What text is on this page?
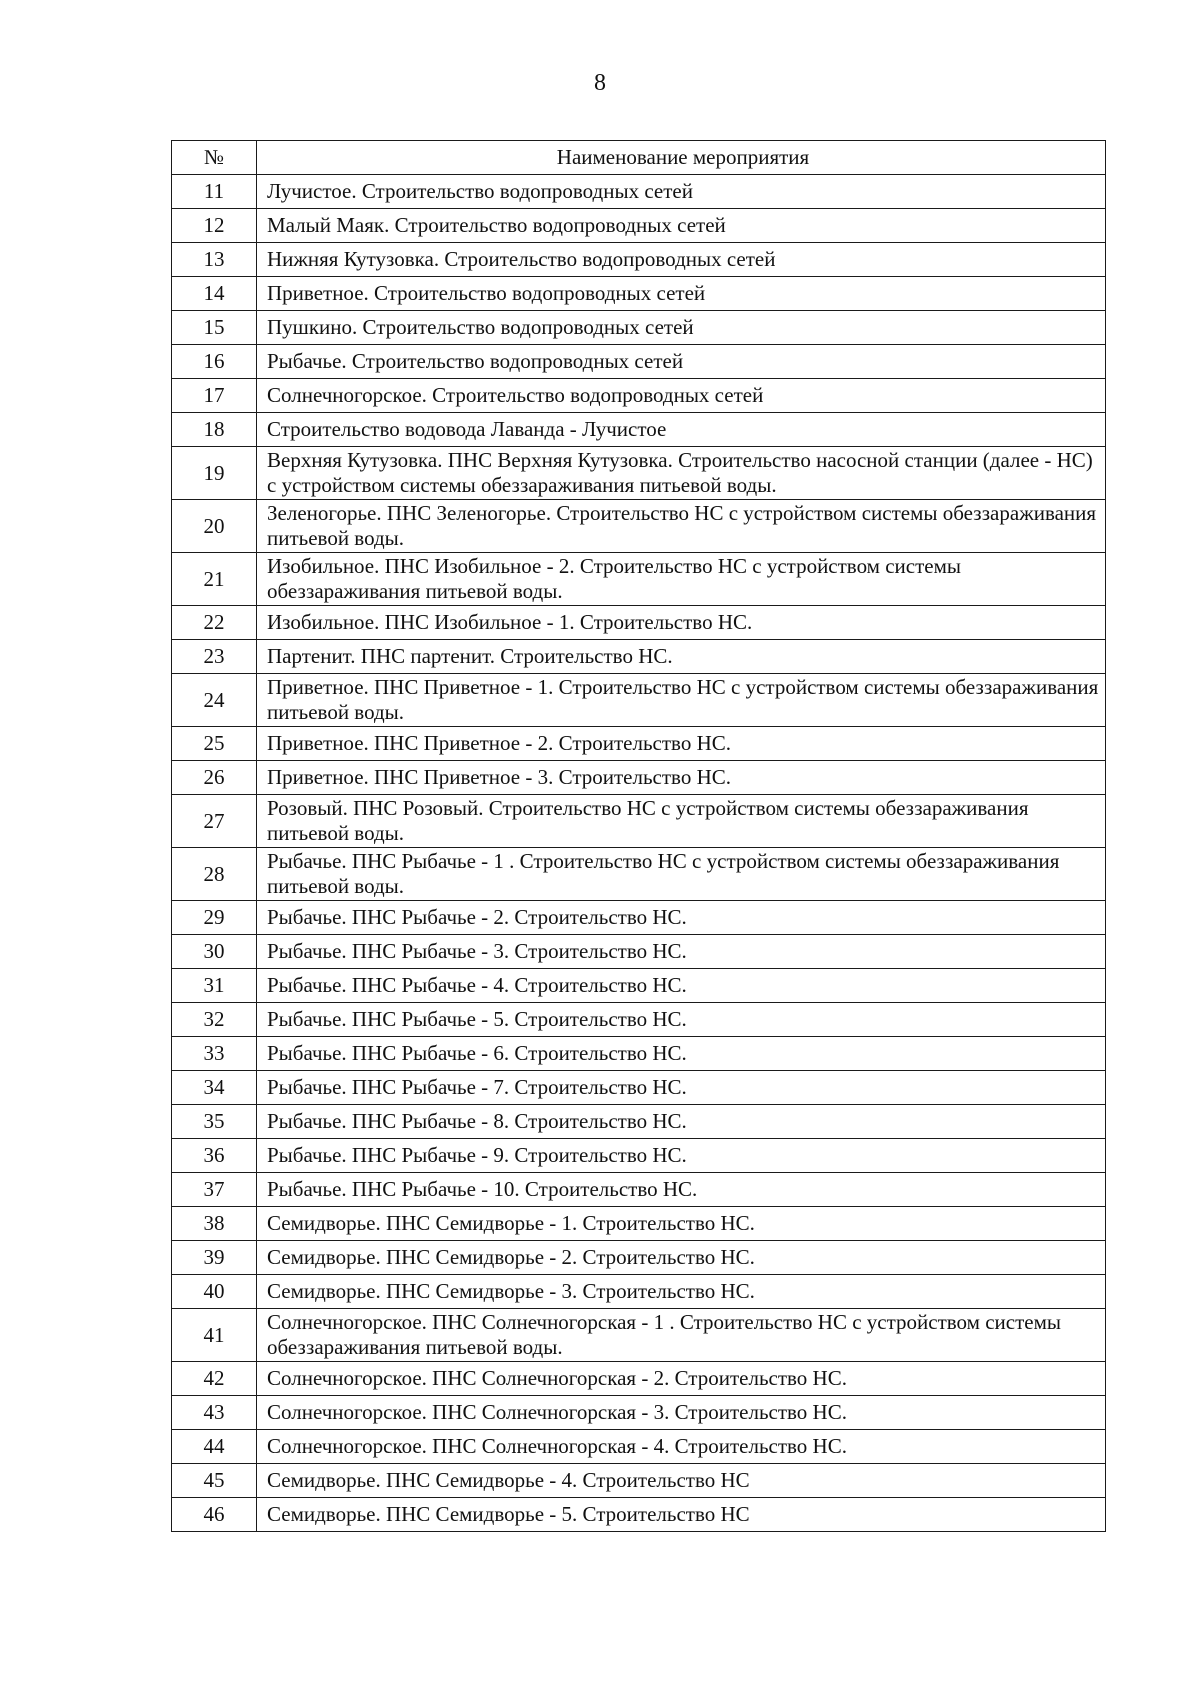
8
№	Наименование мероприятия
11	Лучистое. Строительство водопроводных сетей
12	Малый Маяк. Строительство водопроводных сетей
13	Нижняя Кутузовка. Строительство водопроводных сетей
14	Приветное. Строительство водопроводных сетей
15	Пушкино. Строительство водопроводных сетей
16	Рыбачье. Строительство водопроводных сетей
17	Солнечногорское. Строительство водопроводных сетей
18	Строительство водовода Лаванда - Лучистое
19	Верхняя Кутузовка. ПНС Верхняя Кутузовка. Строительство насосной станции (далее - НС) с устройством системы обеззараживания питьевой воды.
20	Зеленогорье. ПНС Зеленогорье. Строительство НС с устройством системы обеззараживания питьевой воды.
21	Изобильное. ПНС Изобильное - 2. Строительство НС с устройством системы обеззараживания питьевой воды.
22	Изобильное. ПНС Изобильное - 1. Строительство НС.
23	Партенит. ПНС партенит. Строительство НС.
24	Приветное. ПНС Приветное - 1. Строительство НС с устройством системы обеззараживания питьевой воды.
25	Приветное. ПНС Приветное - 2. Строительство НС.
26	Приветное. ПНС Приветное - 3. Строительство НС.
27	Розовый. ПНС Розовый. Строительство НС с устройством системы обеззараживания питьевой воды.
28	Рыбачье. ПНС Рыбачье - 1 . Строительство НС с устройством системы обеззараживания питьевой воды.
29	Рыбачье. ПНС Рыбачье - 2. Строительство НС.
30	Рыбачье. ПНС Рыбачье - 3. Строительство НС.
31	Рыбачье. ПНС Рыбачье - 4. Строительство НС.
32	Рыбачье. ПНС Рыбачье - 5. Строительство НС.
33	Рыбачье. ПНС Рыбачье - 6. Строительство НС.
34	Рыбачье. ПНС Рыбачье - 7. Строительство НС.
35	Рыбачье. ПНС Рыбачье - 8. Строительство НС.
36	Рыбачье. ПНС Рыбачье - 9. Строительство НС.
37	Рыбачье. ПНС Рыбачье - 10. Строительство НС.
38	Семидворье. ПНС Семидворье - 1. Строительство НС.
39	Семидворье. ПНС Семидворье - 2. Строительство НС.
40	Семидворье. ПНС Семидворье - 3. Строительство НС.
41	Солнечногорское. ПНС Солнечногорская - 1 . Строительство НС с устройством системы обеззараживания питьевой воды.
42	Солнечногорское. ПНС Солнечногорская - 2. Строительство НС.
43	Солнечногорское. ПНС Солнечногорская - 3. Строительство НС.
44	Солнечногорское. ПНС Солнечногорская - 4. Строительство НС.
45	Семидворье. ПНС Семидворье - 4. Строительство НС
46	Семидворье. ПНС Семидворье - 5. Строительство НС
